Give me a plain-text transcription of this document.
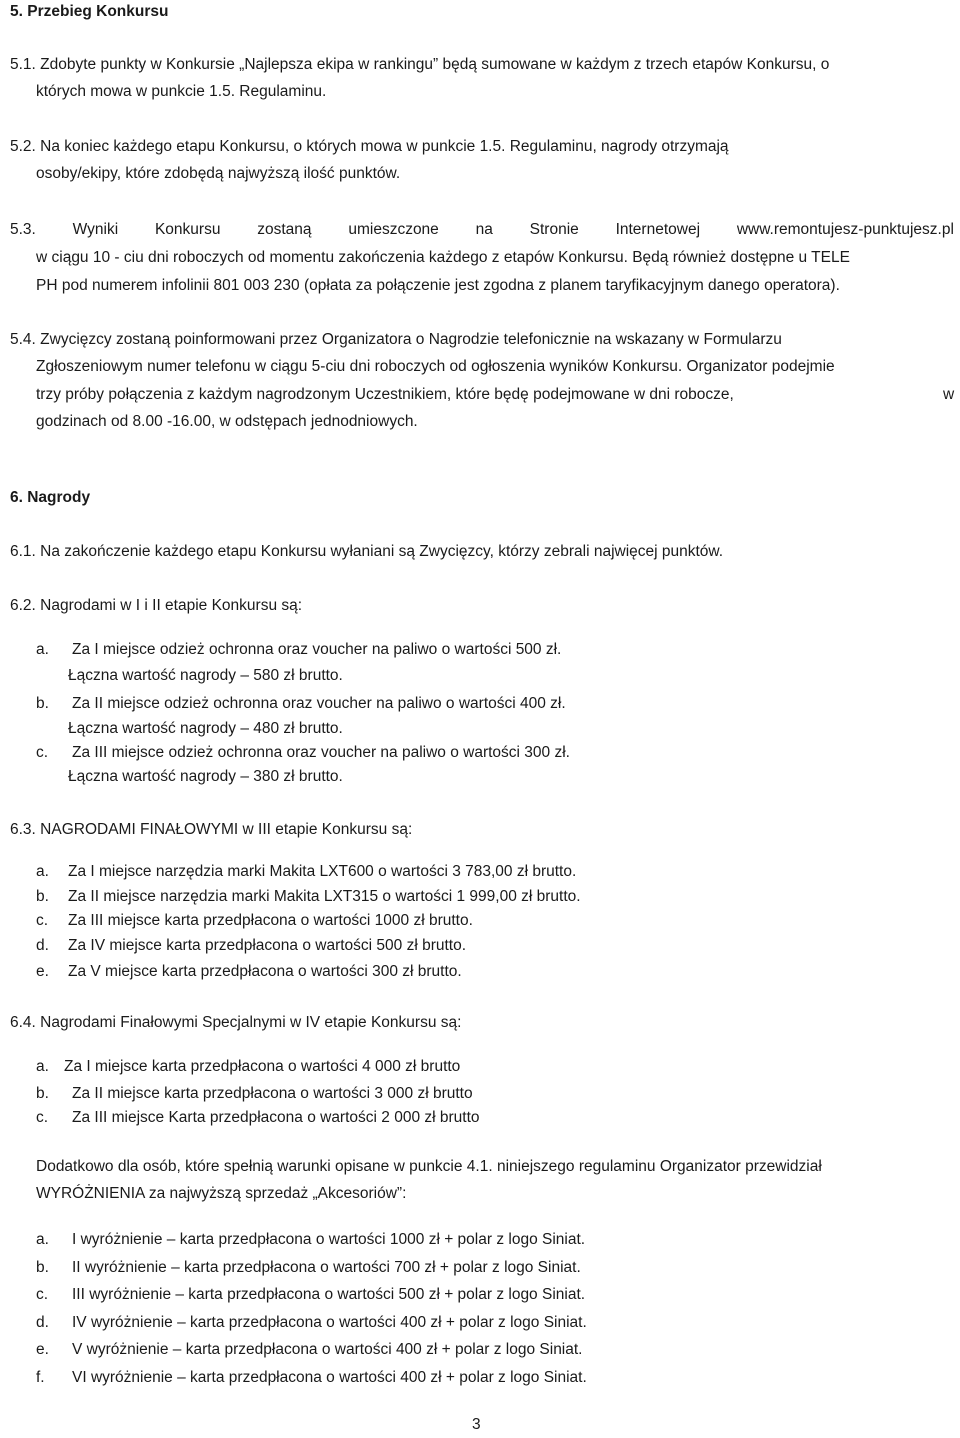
5. Przebieg Konkursu
5.1. Zdobyte punkty w Konkursie „Najlepsza ekipa w rankingu” będą sumowane w każdym z trzech etapów Konkursu, o
których mowa w punkcie 1.5. Regulaminu.
5.2. Na koniec każdego etapu Konkursu, o których mowa w punkcie 1.5. Regulaminu, nagrody otrzymają
osoby/ekipy, które zdobędą najwyższą ilość punktów.
5.3. Wyniki Konkursu zostaną umieszczone na Stronie Internetowej www.remontujesz-punktujesz.pl
w ciągu 10 - ciu dni roboczych od momentu zakończenia każdego z etapów Konkursu. Będą również dostępne u TELE
PH pod numerem infolinii 801 003 230 (opłata za połączenie jest zgodna z planem taryfikacyjnym danego operatora).
5.4. Zwycięzcy zostaną poinformowani przez Organizatora o Nagrodzie telefonicznie na wskazany w Formularzu
Zgłoszeniowym numer telefonu w ciągu 5-ciu dni roboczych od ogłoszenia wyników Konkursu. Organizator podejmie
trzy próby połączenia z każdym nagrodzonym Uczestnikiem, które będę podejmowane w dni robocze,	w
godzinach od 8.00 -16.00, w odstępach jednodniowych.
6. Nagrody
6.1. Na zakończenie każdego etapu Konkursu wyłaniani są Zwycięzcy, którzy zebrali najwięcej punktów.
6.2. Nagrodami w I i II etapie Konkursu są:
a. Za I miejsce odzież ochronna oraz voucher na paliwo o wartości 500 zł.
Łączna wartość nagrody – 580 zł brutto.
b. Za II miejsce odzież ochronna oraz voucher na paliwo o wartości 400 zł.
Łączna wartość nagrody – 480 zł brutto.
c. Za III miejsce odzież ochronna oraz voucher na paliwo o wartości 300 zł.
Łączna wartość nagrody – 380 zł brutto.
6.3. NAGRODAMI FINAŁOWYMI w III etapie Konkursu są:
a. Za I miejsce narzędzia marki Makita LXT600 o wartości 3 783,00 zł brutto.
b. Za II miejsce narzędzia marki Makita LXT315 o wartości 1 999,00 zł brutto.
c. Za III miejsce karta przedpłacona o wartości 1000 zł brutto.
d. Za IV miejsce karta przedpłacona o wartości 500 zł brutto.
e. Za V miejsce karta przedpłacona o wartości 300 zł brutto.
6.4. Nagrodami Finałowymi Specjalnymi w IV etapie Konkursu są:
a. Za I miejsce karta przedpłacona o wartości 4 000 zł brutto
b. Za II miejsce karta przedpłacona o wartości 3 000 zł brutto
c. Za III miejsce Karta przedpłacona o wartości 2 000 zł brutto
Dodatkowo dla osób, które spełnią warunki opisane w punkcie 4.1. niniejszego regulaminu Organizator przewidział
WYRÓŻNIENIA za najwyższą sprzedaż „Akcesoriów”:
a. I wyróżnienie – karta przedpłacona o wartości 1000 zł + polar z logo Siniat.
b. II wyróżnienie – karta przedpłacona o wartości 700 zł + polar z logo Siniat.
c. III wyróżnienie – karta przedpłacona o wartości 500 zł + polar z logo Siniat.
d. IV wyróżnienie – karta przedpłacona o wartości 400 zł + polar z logo Siniat.
e. V wyróżnienie – karta przedpłacona o wartości 400 zł + polar z logo Siniat.
f. VI wyróżnienie – karta przedpłacona o wartości 400 zł + polar z logo Siniat.
3
